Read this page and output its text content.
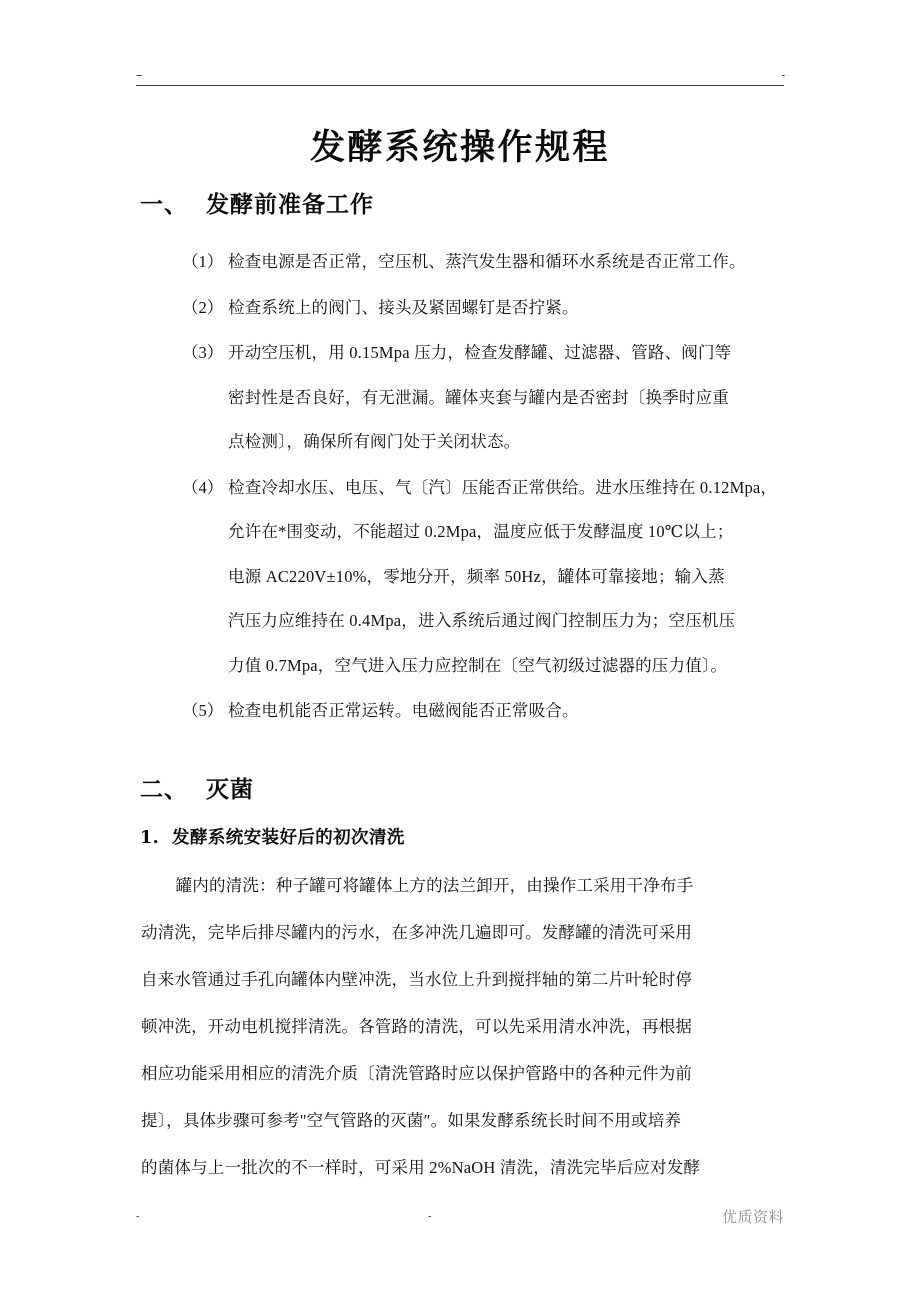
--	-
发酵系统操作规程
一、  发酵前准备工作
（1） 检查电源是否正常，空压机、蒸汽发生器和循环水系统是否正常工作。
（2） 检查系统上的阀门、接头及紧固螺钉是否拧紧。
（3） 开动空压机，用 0.15Mpa 压力，检查发酵罐、过滤器、管路、阀门等
密封性是否良好，有无泄漏。罐体夹套与罐内是否密封〔换季时应重
点检测〕，确保所有阀门处于关闭状态。
（4） 检查冷却水压、电压、气〔汽〕压能否正常供给。进水压维持在 0.12Mpa，
允许在*围变动，不能超过 0.2Mpa，温度应低于发酵温度 10℃以上；
电源 AC220V±10%，零地分开，频率 50Hz，罐体可靠接地；输入蒸
汽压力应维持在 0.4Mpa，进入系统后通过阀门控制压力为；空压机压
力值 0.7Mpa，空气进入压力应控制在〔空气初级过滤器的压力值〕。
（5） 检查电机能否正常运转。电磁阀能否正常吸合。
二、  灭菌
1.  发酵系统安装好后的初次清洗
罐内的清洗：种子罐可将罐体上方的法兰卸开，由操作工采用干净布手
动清洗，完毕后排尽罐内的污水，在多冲洗几遍即可。发酵罐的清洗可采用
自来水管通过手孔向罐体内壁冲洗，当水位上升到搅拌轴的第二片叶轮时停
顿冲洗，开动电机搅拌清洗。各管路的清洗，可以先采用清水冲洗，再根据
相应功能采用相应的清洗介质〔清洗管路时应以保护管路中的各种元件为前
提〕，具体步骤可参考"空气管路的灭菌″。如果发酵系统长时间不用或培养
的菌体与上一批次的不一样时，可采用 2%NaOH 清洗，清洗完毕后应对发酵
-	-	优质资料
